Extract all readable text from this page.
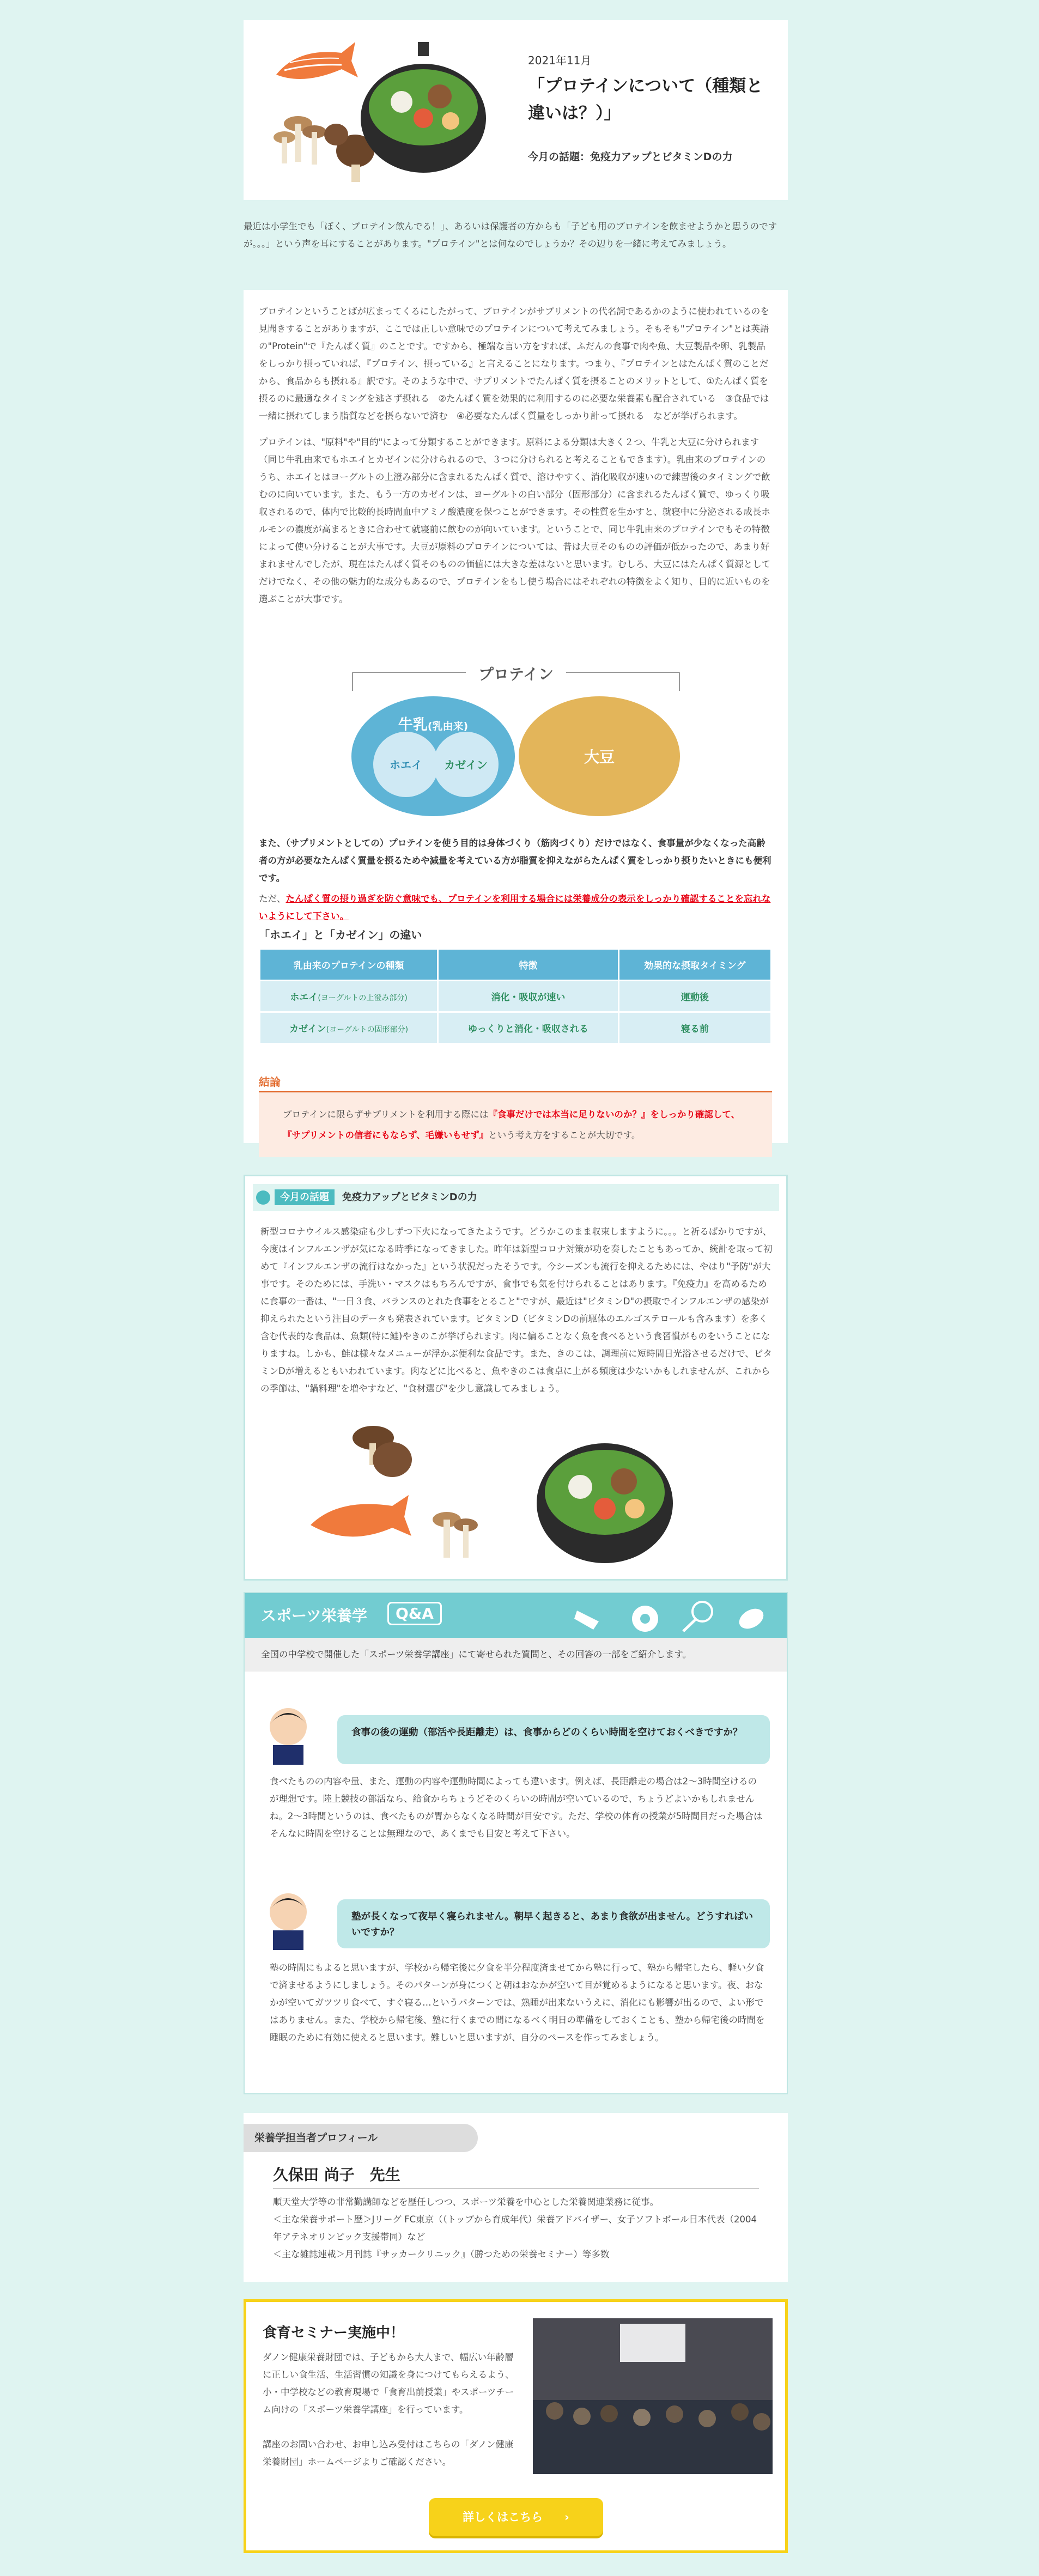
2021年11月
「プロテインについて（種類と違いは？）」
今月の話題：免疫力アップとビタミンDの力
最近は小学生でも「ぼく、プロテイン飲んでる！」、あるいは保護者の方からも「子ども用のプロテインを飲ませようかと思うのですが。。。」という声を耳にすることがあります。"プロテイン"とは何なのでしょうか？その辺りを一緒に考えてみましょう。

プロテインということばが広まってくるにしたがって、プロテインがサプリメントの代名詞であるかのように使われているのを見聞きすることがありますが、ここでは正しい意味でのプロテインについて考えてみましょう。そもそも"プロテイン"とは英語の"Protein"で『たんぱく質』のことです。ですから、極端な言い方をすれば、ふだんの食事で肉や魚、大豆製品や卵、乳製品をしっかり摂っていれば、『プロテイン、摂っている』と言えることになります。つまり、『プロテインとはたんぱく質のことだから、食品からも摂れる』訳です。そのような中で、サプリメントでたんぱく質を摂ることのメリットとして、①たんぱく質を摂るのに最適なタイミングを逃さず摂れる　②たんぱく質を効果的に利用するのに必要な栄養素も配合されている　③食品では一緒に摂れてしまう脂質などを摂らないで済む　④必要なたんぱく質量をしっかり計って摂れる　などが挙げられます。

プロテインは、"原料"や"目的"によって分類することができます。原料による分類は大きく２つ、牛乳と大豆に分けられます（同じ牛乳由来でもホエイとカゼインに分けられるので、３つに分けられると考えることもできます）。乳由来のプロテインのうち、ホエイとはヨーグルトの上澄み部分に含まれるたんぱく質で、溶けやすく、消化吸収が速いので練習後のタイミングで飲むのに向いています。また、もう一方のカゼインは、ヨーグルトの白い部分（固形部分）に含まれるたんぱく質で、ゆっくり吸収されるので、体内で比較的長時間血中アミノ酸濃度を保つことができます。その性質を生かすと、就寝中に分泌される成長ホルモンの濃度が高まるときに合わせて就寝前に飲むのが向いています。ということで、同じ牛乳由来のプロテインでもその特徴によって使い分けることが大事です。大豆が原料のプロテインについては、昔は大豆そのものの評価が低かったので、あまり好まれませんでしたが、現在はたんぱく質そのものの価値には大きな差はないと思います。むしろ、大豆にはたんぱく質源としてだけでなく、その他の魅力的な成分もあるので、プロテインをもし使う場合にはそれぞれの特徴をよく知り、目的に近いものを選ぶことが大事です。

プロテイン
牛乳(乳由来)
ホエイ	カゼイン	大豆

また、（サプリメントとしての）プロテインを使う目的は身体づくり（筋肉づくり）だけではなく、食事量が少なくなった高齢者の方が必要なたんぱく質量を摂るためや減量を考えている方が脂質を抑えながらたんぱく質をしっかり摂りたいときにも便利です。

ただ、たんぱく質の摂り過ぎを防ぐ意味でも、プロテインを利用する場合には栄養成分の表示をしっかり確認することを忘れないようにして下さい。

「ホエイ」と「カゼイン」の違い
乳由来のプロテインの種類	特徴	効果的な摂取タイミング
ホエイ(ヨーグルトの上澄み部分)	消化・吸収が速い	運動後
カゼイン(ヨーグルトの固形部分)	ゆっくりと消化・吸収される	寝る前
結論
プロテインに限らずサプリメントを利用する際には『食事だけでは本当に足りないのか？』をしっかり確認して、『サプリメントの信者にもならず、毛嫌いもせず』という考え方をすることが大切です。
今月の話題 免疫力アップとビタミンDの力

新型コロナウイルス感染症も少しずつ下火になってきたようです。どうかこのまま収束しますように。。。と祈るばかりですが、今度はインフルエンザが気になる時季になってきました。昨年は新型コロナ対策が功を奏したこともあってか、統計を取って初めて『インフルエンザの流行はなかった』という状況だったそうです。今シーズンも流行を抑えるためには、やはり"予防"が大事です。そのためには、手洗い・マスクはもちろんですが、食事でも気を付けられることはあります。『免疫力』を高めるために食事の一番は、"一日３食、バランスのとれた食事をとること"ですが、最近は"ビタミンD"の摂取でインフルエンザの感染が抑えられたという注目のデータも発表されています。ビタミンD（ビタミンDの前駆体のエルゴステロールも含みます）を多く含む代表的な食品は、魚類(特に鮭)やきのこが挙げられます。肉に偏ることなく魚を食べるという食習慣がものをいうことになりますね。しかも、鮭は様々なメニューが浮かぶ便利な食品です。また、きのこは、調理前に短時間日光浴させるだけで、ビタミンDが増えるともいわれています。肉などに比べると、魚やきのこは食卓に上がる頻度は少ないかもしれませんが、これからの季節は、"鍋料理"を増やすなど、"食材選び"を少し意識してみましょう。

スポーツ栄養学	Q&A
全国の中学校で開催した「スポーツ栄養学講座」にて寄せられた質問と、その回答の一部をご紹介します。
食事の後の運動（部活や長距離走）は、食事からどのくらい時間を空けておくべきですか？

食べたものの内容や量、また、運動の内容や運動時間によっても違います。例えば、長距離走の場合は2～3時間空けるのが理想です。陸上競技の部活なら、給食からちょうどそのくらいの時間が空いているので、ちょうどよいかもしれませんね。2～3時間というのは、食べたものが胃からなくなる時間が目安です。ただ、学校の体育の授業が5時間目だった場合はそんなに時間を空けることは無理なので、あくまでも目安と考えて下さい。

塾が長くなって夜早く寝られません。朝早く起きると、あまり食欲が出ません。どうすればいいですか？

塾の時間にもよると思いますが、学校から帰宅後に夕食を半分程度済ませてから塾に行って、塾から帰宅したら、軽い夕食で済ませるようにしましょう。そのパターンが身につくと朝はおなかが空いて目が覚めるようになると思います。夜、おなかが空いてガツツリ食べて、すぐ寝る…というパターンでは、熟睡が出来ないうえに、消化にも影響が出るので、よい形ではありません。また、学校から帰宅後、塾に行くまでの間になるべく明日の準備をしておくことも、塾から帰宅後の時間を睡眠のために有効に使えると思います。難しいと思いますが、自分のペースを作ってみましょう。

栄養学担当者プロフィール
久保田 尚子　先生

順天堂大学等の非常勤講師などを歴任しつつ、スポーツ栄養を中心とした栄養関連業務に従事。

＜主な栄養サポート歴＞Jリーグ FC東京（（トップから育成年代）栄養アドバイザー、女子ソフトボール日本代表（2004年アテネオリンピック支援帯同）など

＜主な雑誌連載＞月刊誌『サッカークリニック』（勝つための栄養セミナー）等多数

食育セミナー実施中！

ダノン健康栄養財団では、子どもから大人まで、幅広い年齢層に正しい食生活、生活習慣の知識を身につけてもらえるよう、小・中学校などの教育現場で「食育出前授業」やスポーツチーム向けの「スポーツ栄養学講座」を行っています。

講座のお問い合わせ、お申し込み受付はこちらの「ダノン健康栄養財団」ホームページよりご確認ください。

詳しくはこちら ›
